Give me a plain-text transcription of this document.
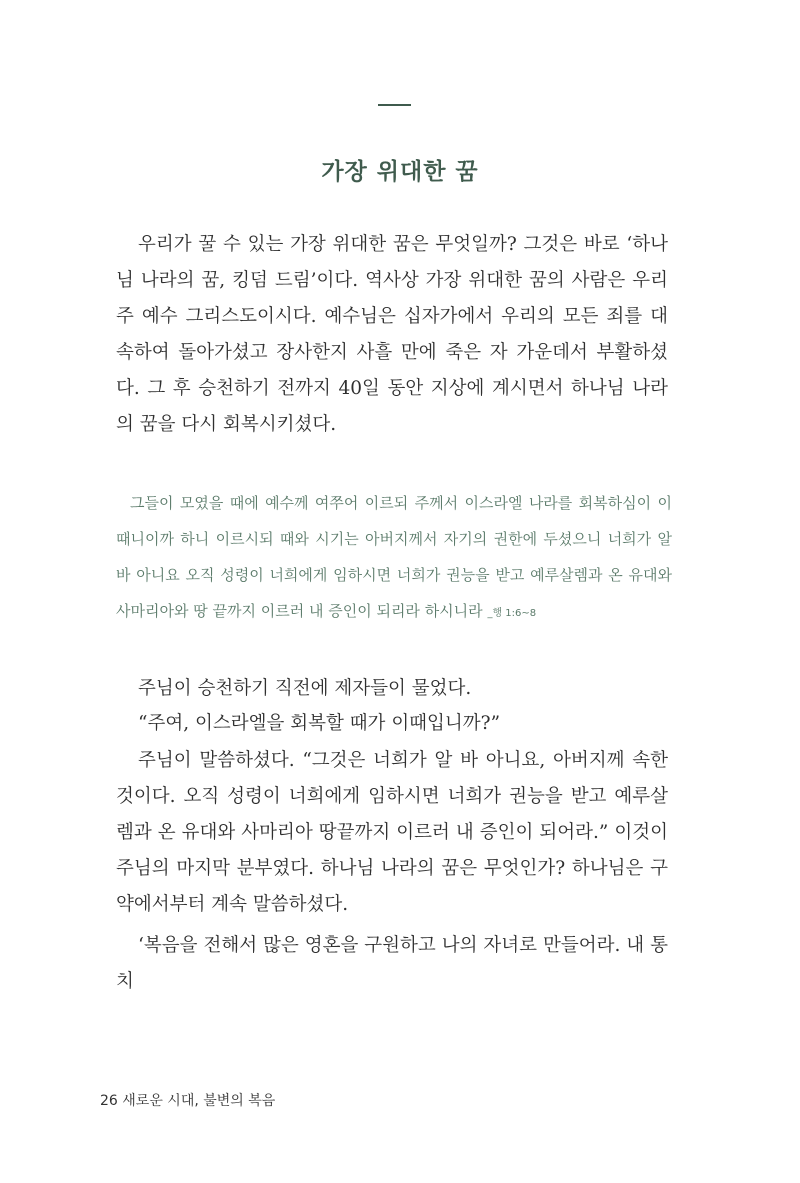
가장 위대한 꿈

우리가 꿀 수 있는 가장 위대한 꿈은 무엇일까? 그것은 바로 ‘하나님 나라의 꿈, 킹덤 드림’이다. 역사상 가장 위대한 꿈의 사람은 우리 주 예수 그리스도이시다. 예수님은 십자가에서 우리의 모든 죄를 대속하여 돌아가셨고 장사한지 사흘 만에 죽은 자 가운데서 부활하셨다. 그 후 승천하기 전까지 40일 동안 지상에 계시면서 하나님 나라의 꿈을 다시 회복시키셨다.

그들이 모였을 때에 예수께 여쭈어 이르되 주께서 이스라엘 나라를 회복하심이 이 때니이까 하니 이르시되 때와 시기는 아버지께서 자기의 권한에 두셨으니 너희가 알 바 아니요 오직 성령이 너희에게 임하시면 너희가 권능을 받고 예루살렘과 온 유대와 사마리아와 땅 끝까지 이르러 내 증인이 되리라 하시니라 _행 1:6~8

주님이 승천하기 직전에 제자들이 물었다.

“주여, 이스라엘을 회복할 때가 이때입니까?”

주님이 말씀하셨다. “그것은 너희가 알 바 아니요, 아버지께 속한 것이다. 오직 성령이 너희에게 임하시면 너희가 권능을 받고 예루살렘과 온 유대와 사마리아 땅끝까지 이르러 내 증인이 되어라.” 이것이 주님의 마지막 분부였다. 하나님 나라의 꿈은 무엇인가? 하나님은 구약에서부터 계속 말씀하셨다.

‘복음을 전해서 많은 영혼을 구원하고 나의 자녀로 만들어라. 내 통치

26 새로운 시대, 불변의 복음
